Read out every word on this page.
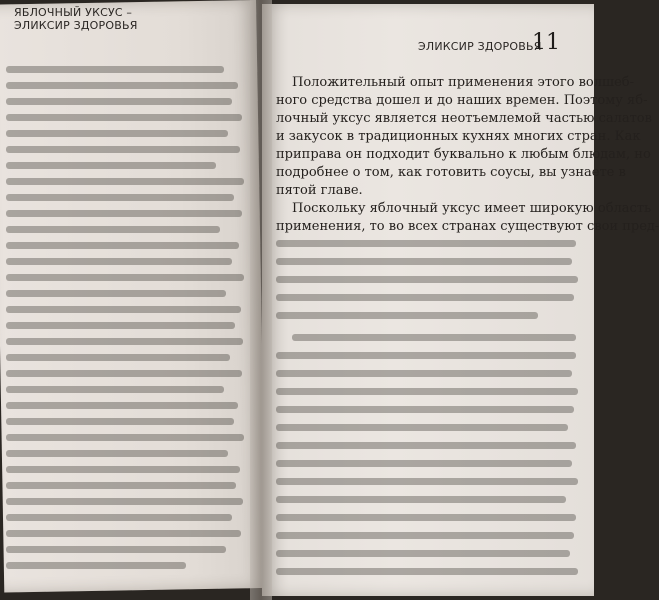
ЯБЛОЧНЫЙ УКСУС –
ЭЛИКСИР ЗДОРОВЬЯ
ЭЛИКСИР ЗДОРОВЬЯ
11
Положительный опыт применения этого волшеб-
ного средства дошел и до наших времен. Поэтому яб-
лочный уксус является неотъемлемой частью салатов
и закусок в традиционных кухнях многих стран. Как
приправа он подходит буквально к любым блюдам, но
подробнее о том, как готовить соусы, вы узнаете в
пятой главе.
Поскольку яблочный уксус имеет широкую область
применения, то во всех странах существуют свои пред-
